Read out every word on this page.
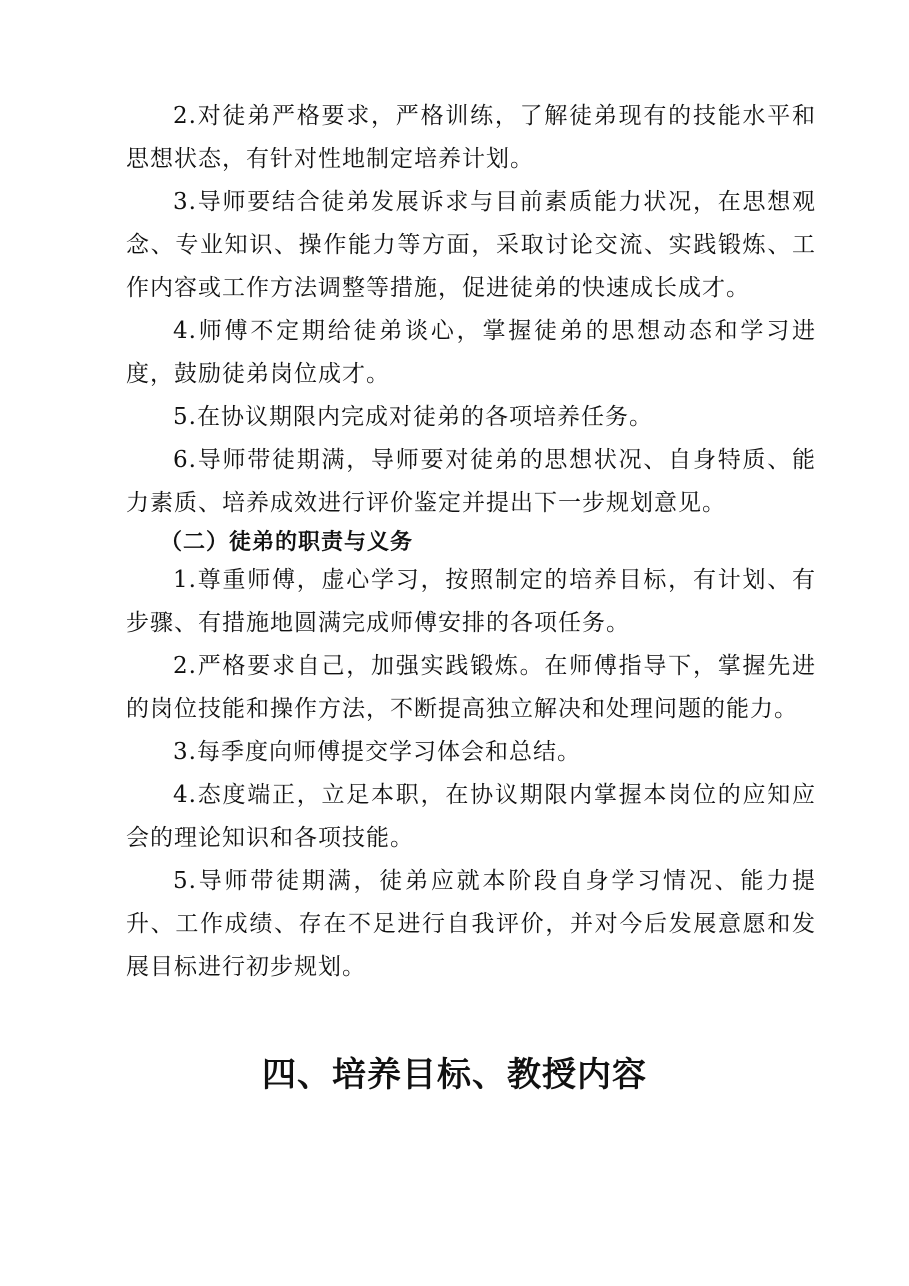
2.对徒弟严格要求，严格训练，了解徒弟现有的技能水平和思想状态，有针对性地制定培养计划。

3.导师要结合徒弟发展诉求与目前素质能力状况，在思想观念、专业知识、操作能力等方面，采取讨论交流、实践锻炼、工作内容或工作方法调整等措施，促进徒弟的快速成长成才。

4.师傅不定期给徒弟谈心，掌握徒弟的思想动态和学习进度，鼓励徒弟岗位成才。

5.在协议期限内完成对徒弟的各项培养任务。

6.导师带徒期满，导师要对徒弟的思想状况、自身特质、能力素质、培养成效进行评价鉴定并提出下一步规划意见。

（二）徒弟的职责与义务

1.尊重师傅，虚心学习，按照制定的培养目标，有计划、有步骤、有措施地圆满完成师傅安排的各项任务。

2.严格要求自己，加强实践锻炼。在师傅指导下，掌握先进的岗位技能和操作方法，不断提高独立解决和处理问题的能力。

3.每季度向师傅提交学习体会和总结。

4.态度端正，立足本职，在协议期限内掌握本岗位的应知应会的理论知识和各项技能。

5.导师带徒期满，徒弟应就本阶段自身学习情况、能力提升、工作成绩、存在不足进行自我评价，并对今后发展意愿和发展目标进行初步规划。

四、培养目标、教授内容
